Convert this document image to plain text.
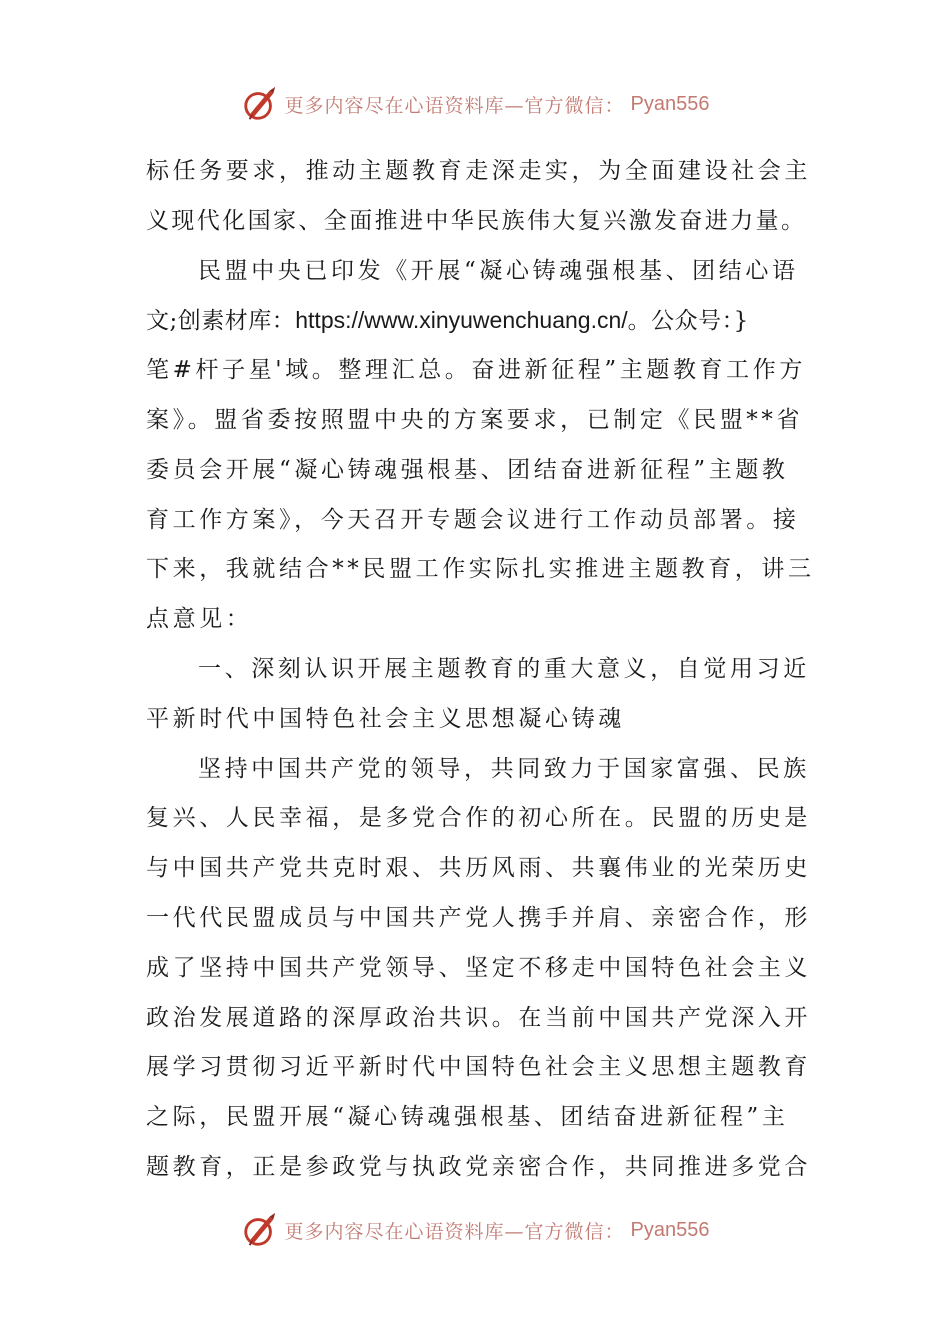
更多内容尽在心语资料库—官方微信： Pyan556
标任务要求，推动主题教育走深走实，为全面建设社会主
义现代化国家、全面推进中华民族伟大复兴激发奋进力量。
民盟中央已印发《开展“凝心铸魂强根基、团结心语
文;创素材库：https://www.xinyuwenchuang.cn/。公众号：}
笔#杆子星'域。整理汇总。奋进新征程”主题教育工作方
案》。盟省委按照盟中央的方案要求，已制定《民盟**省
委员会开展“凝心铸魂强根基、团结奋进新征程”主题教
育工作方案》，今天召开专题会议进行工作动员部署。接
下来，我就结合**民盟工作实际扎实推进主题教育，讲三
点意见：
一、深刻认识开展主题教育的重大意义，自觉用习近
平新时代中国特色社会主义思想凝心铸魂
坚持中国共产党的领导，共同致力于国家富强、民族
复兴、人民幸福，是多党合作的初心所在。民盟的历史是
与中国共产党共克时艰、共历风雨、共襄伟业的光荣历史
一代代民盟成员与中国共产党人携手并肩、亲密合作，形
成了坚持中国共产党领导、坚定不移走中国特色社会主义
政治发展道路的深厚政治共识。在当前中国共产党深入开
展学习贯彻习近平新时代中国特色社会主义思想主题教育
之际，民盟开展“凝心铸魂强根基、团结奋进新征程”主
题教育，正是参政党与执政党亲密合作，共同推进多党合
更多内容尽在心语资料库—官方微信： Pyan556
